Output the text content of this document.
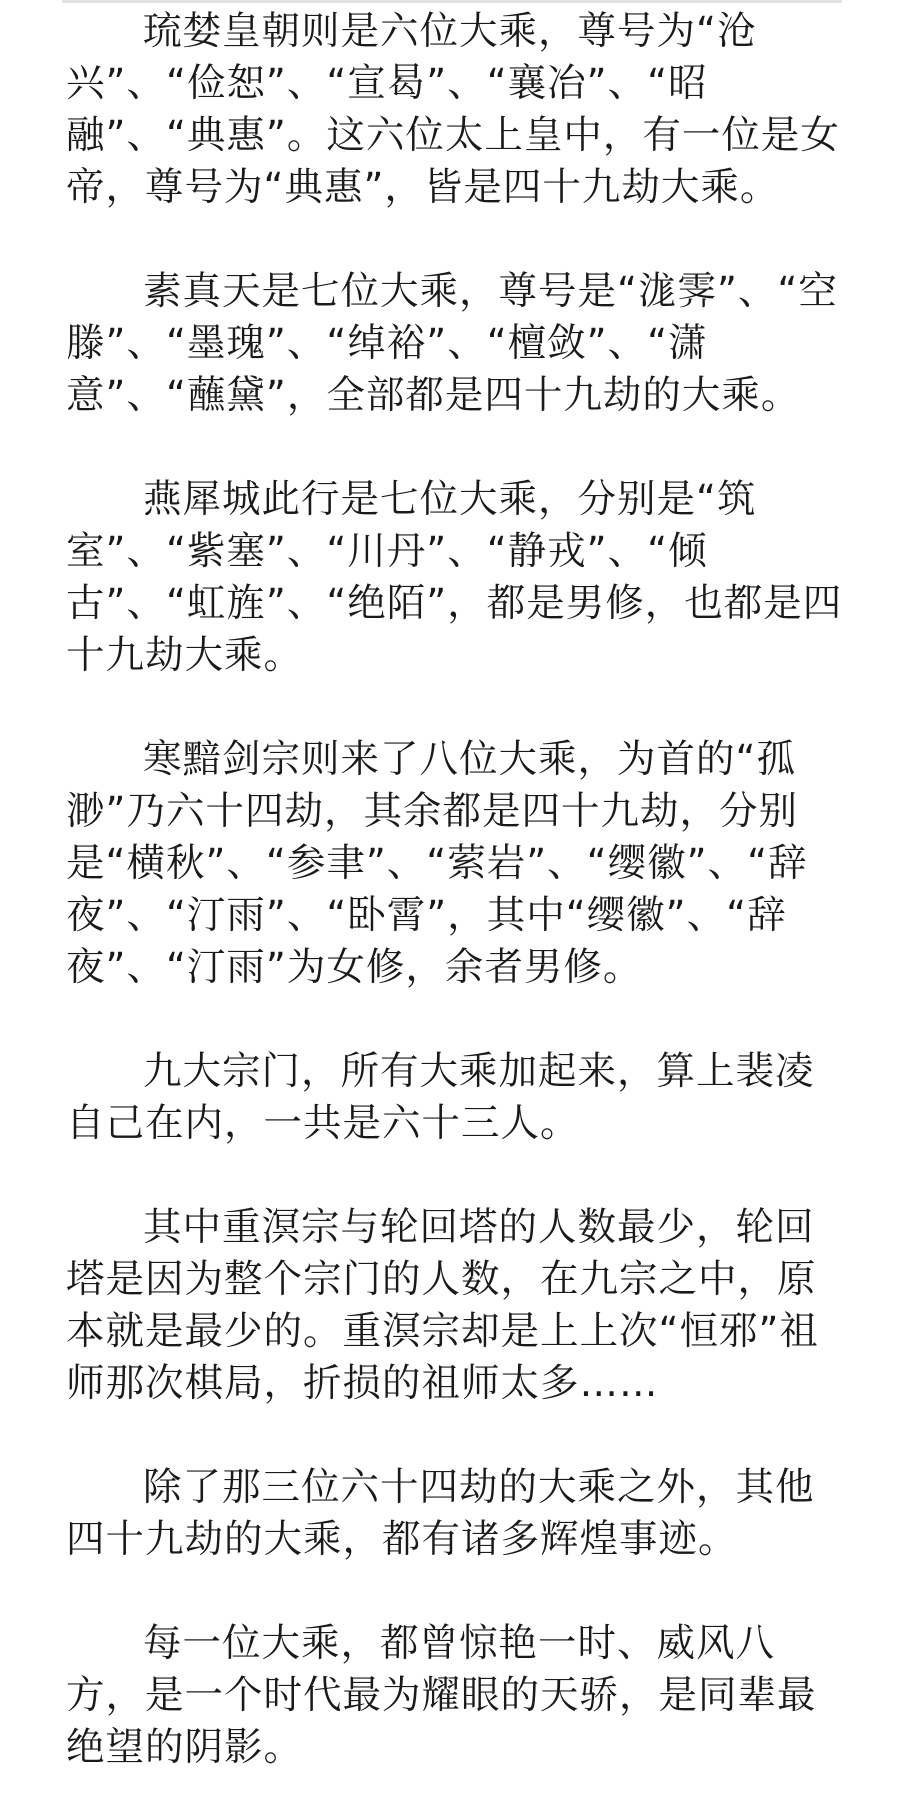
琉婪皇朝则是六位大乘，尊号为“沧兴”、“俭恕”、“宣曷”、“襄冶”、“昭融”、“典惠”。这六位太上皇中，有一位是女帝，尊号为“典惠”，皆是四十九劫大乘。

素真天是七位大乘，尊号是“浝霁”、“空滕”、“墨瑰”、“绰裕”、“檀敛”、“潇意”、“蘸黛”，全部都是四十九劫的大乘。

燕犀城此行是七位大乘，分别是“筑室”、“紫塞”、“川丹”、“静戎”、“倾古”、“虹旌”、“绝陌”，都是男修，也都是四十九劫大乘。

寒黯剑宗则来了八位大乘，为首的“孤渺”乃六十四劫，其余都是四十九劫，分别是“横秋”、“参聿”、“萦岩”、“缨徽”、“辞夜”、“汀雨”、“卧霄”，其中“缨徽”、“辞夜”、“汀雨”为女修，余者男修。

九大宗门，所有大乘加起来，算上裴凌自己在内，一共是六十三人。

其中重溟宗与轮回塔的人数最少，轮回塔是因为整个宗门的人数，在九宗之中，原本就是最少的。重溟宗却是上上次“恒邪”祖师那次棋局，折损的祖师太多……

除了那三位六十四劫的大乘之外，其他四十九劫的大乘，都有诸多辉煌事迹。

每一位大乘，都曾惊艳一时、威风八方，是一个时代最为耀眼的天骄，是同辈最绝望的阴影。
